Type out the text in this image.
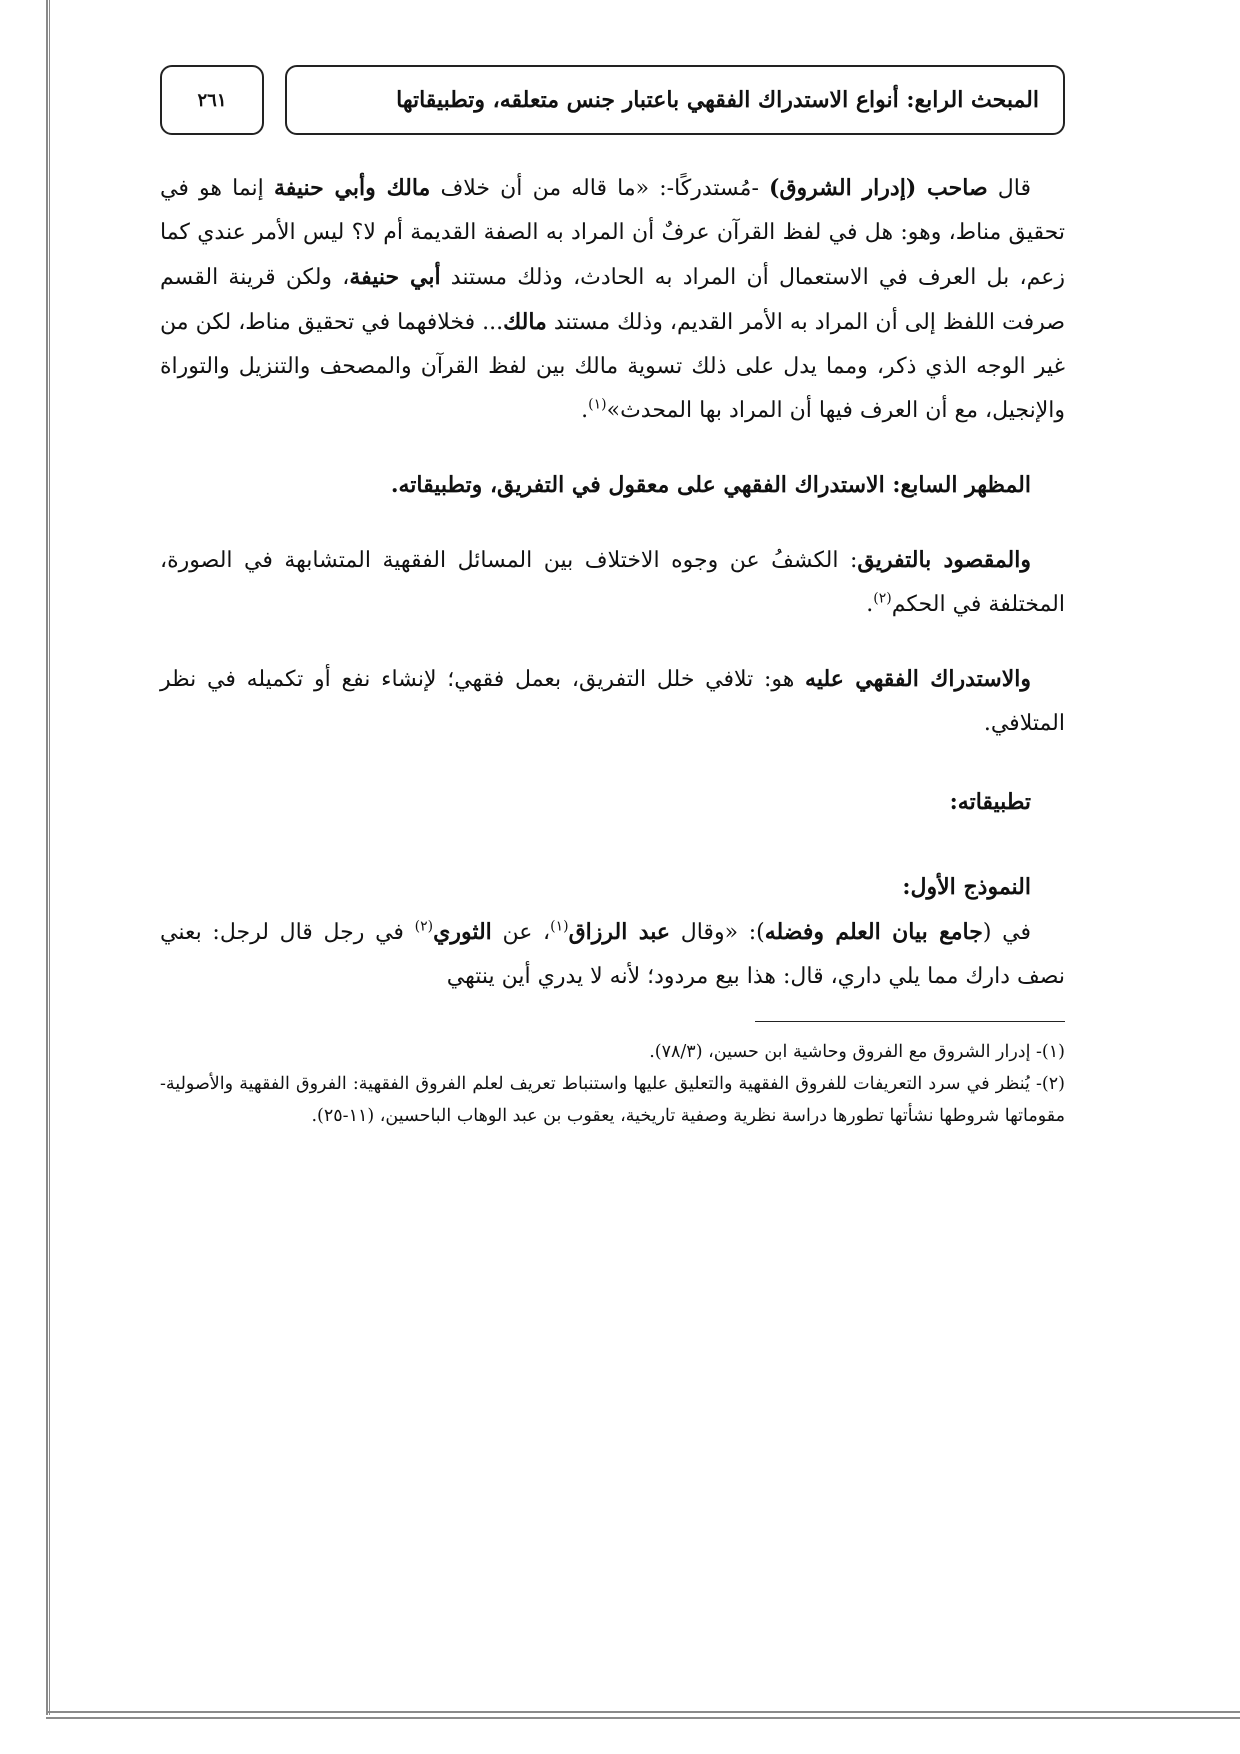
المبحث الرابع: أنواع الاستدراك الفقهي باعتبار جنس متعلقه، وتطبيقاتها
٢٦١

قال صاحب (إدرار الشروق) -مُستدركًا-: «ما قاله من أن خلاف مالك وأبي حنيفة إنما هو في تحقيق مناط، وهو: هل في لفظ القرآن عرفٌ أن المراد به الصفة القديمة أم لا؟ ليس الأمر عندي كما زعم، بل العرف في الاستعمال أن المراد به الحادث، وذلك مستند أبي حنيفة، ولكن قرينة القسم صرفت اللفظ إلى أن المراد به الأمر القديم، وذلك مستند مالك... فخلافهما في تحقيق مناط، لكن من غير الوجه الذي ذكر، ومما يدل على ذلك تسوية مالك بين لفظ القرآن والمصحف والتنزيل والتوراة والإنجيل، مع أن العرف فيها أن المراد بها المحدث»$^{(١)}$.

المظهر السابع: الاستدراك الفقهي على معقول في التفريق، وتطبيقاته.

والمقصود بالتفريق: الكشفُ عن وجوه الاختلاف بين المسائل الفقهية المتشابهة في الصورة، المختلفة في الحكم$^{(٢)}$.

والاستدراك الفقهي عليه هو: تلافي خلل التفريق، بعمل فقهي؛ لإنشاء نفع أو تكميله في نظر المتلافي.

تطبيقاته:

النموذج الأول:

في (جامع بيان العلم وفضله): «وقال عبد الرزاق$^{(١)}$، عن الثوري$^{(٢)}$ في رجل قال لرجل: بعني نصف دارك مما يلي داري، قال: هذا بيع مردود؛ لأنه لا يدري أين ينتهي

(١)- إدرار الشروق مع الفروق وحاشية ابن حسين، (٧٨/٣).

(٢)- يُنظر في سرد التعريفات للفروق الفقهية والتعليق عليها واستنباط تعريف لعلم الفروق الفقهية: الفروق الفقهية والأصولية- مقوماتها شروطها نشأتها تطورها دراسة نظرية وصفية تاريخية، يعقوب بن عبد الوهاب الباحسين، (١١-٢٥).
